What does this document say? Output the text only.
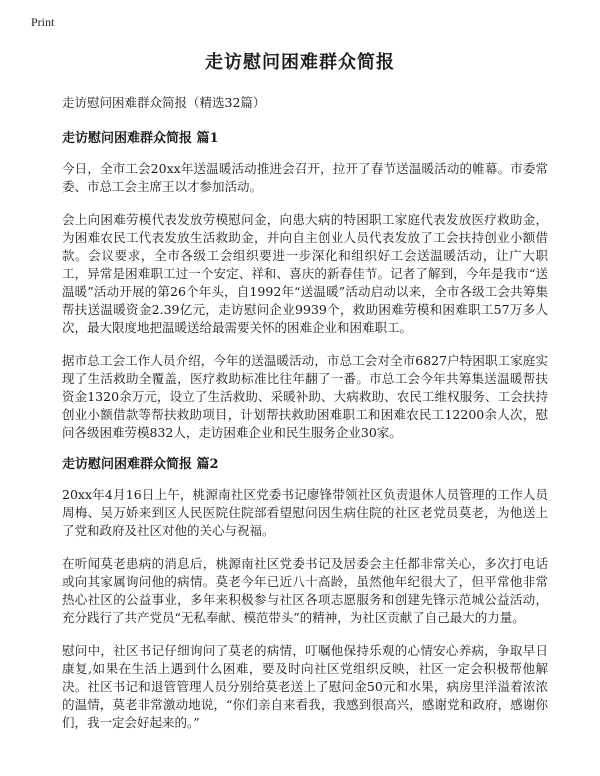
Print
走访慰问困难群众简报
走访慰问困难群众简报（精选32篇）
走访慰问困难群众简报 篇1

今日，全市工会20xx年送温暖活动推进会召开，拉开了春节送温暖活动的帷幕。市委常委、市总工会主席王以才参加活动。

会上向困难劳模代表发放劳模慰问金，向患大病的特困职工家庭代表发放医疗救助金，为困难农民工代表发放生活救助金，并向自主创业人员代表发放了工会扶持创业小额借款。会议要求，全市各级工会组织要进一步深化和组织好工会送温暖活动，让广大职工，异常是困难职工过一个安定、祥和、喜庆的新春佳节。记者了解到，今年是我市“送温暖”活动开展的第26个年头，自1992年“送温暖”活动启动以来，全市各级工会共筹集帮扶送温暖资金2.39亿元，走访慰问企业9939个，救助困难劳模和困难职工57万多人次，最大限度地把温暖送给最需要关怀的困难企业和困难职工。

据市总工会工作人员介绍，今年的送温暖活动，市总工会对全市6827户特困职工家庭实现了生活救助全覆盖，医疗救助标准比往年翻了一番。市总工会今年共筹集送温暖帮扶资金1320余万元，设立了生活救助、采暖补助、大病救助、农民工维权服务、工会扶持创业小额借款等帮扶救助项目，计划帮扶救助困难职工和困难农民工12200余人次，慰问各级困难劳模832人，走访困难企业和民生服务企业30家。

走访慰问困难群众简报 篇2

20xx年4月16日上午，桃源南社区党委书记廖锋带领社区负责退休人员管理的工作人员周梅、吴万娇来到区人民医院住院部看望慰问因生病住院的社区老党员莫老，为他送上了党和政府及社区对他的关心与祝福。

在听闻莫老患病的消息后，桃源南社区党委书记及居委会主任都非常关心，多次打电话或向其家属询问他的病情。莫老今年已近八十高龄，虽然他年纪很大了，但平常他非常热心社区的公益事业，多年来积极参与社区各项志愿服务和创建先锋示范城公益活动，充分践行了共产党员“无私奉献、模范带头”的精神，为社区贡献了自己最大的力量。

慰问中，社区书记仔细询问了莫老的病情，叮嘱他保持乐观的心情安心养病，争取早日康复,如果在生活上遇到什么困难，要及时向社区党组织反映，社区一定会积极帮他解决。社区书记和退管管理人员分别给莫老送上了慰问金50元和水果，病房里洋溢着浓浓的温情，莫老非常激动地说，“你们亲自来看我，我感到很高兴，感谢党和政府，感谢你们，我一定会好起来的。”
